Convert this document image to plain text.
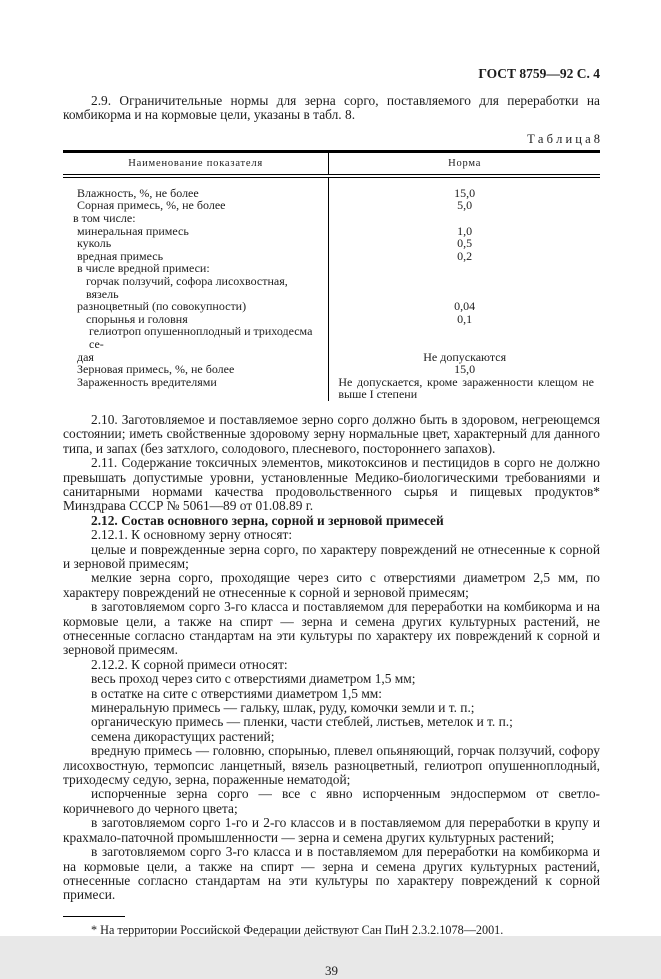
ГОСТ 8759—92 С. 4

2.9. Ограничительные нормы для зерна сорго, поставляемого для переработки на комбикорма и на кормовые цели, указаны в табл. 8.

Т а б л и ц а 8
Наименование показателя	Норма
Влажность, %, не более	15,0
Сорная примесь, %, не более	5,0
в том числе:
минеральная примесь	1,0
куколь	0,5
вредная примесь	0,2
в числе вредной примеси:
горчак ползучий, софора лисохвостная, вязель
разноцветный (по совокупности)	0,04
спорынья и головня	0,1
гелиотроп опушенноплодный и триходесма се-
дая	Не допускаются
Зерновая примесь, %, не более	15,0
Зараженность вредителями	Не допускается, кроме зараженности клещом не выше I степени

2.10. Заготовляемое и поставляемое зерно сорго должно быть в здоровом, негреющемся состоянии; иметь свойственные здоровому зерну нормальные цвет, характерный для данного типа, и запах (без затхлого, солодового, плесневого, постороннего запахов).

2.11. Содержание токсичных элементов, микотоксинов и пестицидов в сорго не должно превышать допустимые уровни, установленные Медико-биологическими требованиями и санитарными нормами качества продовольственного сырья и пищевых продуктов* Минздрава СССР № 5061—89 от 01.08.89 г.

2.12. Состав основного зерна, сорной и зерновой примесей

2.12.1. К основному зерну относят:

целые и поврежденные зерна сорго, по характеру повреждений не отнесенные к сорной и зерновой примесям;

мелкие зерна сорго, проходящие через сито с отверстиями диаметром 2,5 мм, по характеру повреждений не отнесенные к сорной и зерновой примесям;

в заготовляемом сорго 3-го класса и поставляемом для переработки на комбикорма и на кормовые цели, а также на спирт — зерна и семена других культурных растений, не отнесенные согласно стандартам на эти культуры по характеру их повреждений к сорной и зерновой примесям.

2.12.2. К сорной примеси относят:

весь проход через сито с отверстиями диаметром 1,5 мм;

в остатке на сите с отверстиями диаметром 1,5 мм:

минеральную примесь — гальку, шлак, руду, комочки земли и т. п.;

органическую примесь — пленки, части стеблей, листьев, метелок и т. п.;

семена дикорастущих растений;

вредную примесь — головню, спорынью, плевел опьяняющий, горчак ползучий, софору лисохвостную, термопсис ланцетный, вязель разноцветный, гелиотроп опушенноплодный, триходесму седую, зерна, пораженные нематодой;

испорченные зерна сорго — все с явно испорченным эндоспермом от светло-коричневого до черного цвета;

в заготовляемом сорго 1-го и 2-го классов и в поставляемом для переработки в крупу и крахмало-паточной промышленности — зерна и семена других культурных растений;

в заготовляемом сорго 3-го класса и в поставляемом для переработки на комбикорма и на кормовые цели, а также на спирт — зерна и семена других культурных растений, отнесенные согласно стандартам на эти культуры по характеру повреждений к сорной примеси.

* На территории Российской Федерации действуют Сан ПиН 2.3.2.1078—2001.

39
